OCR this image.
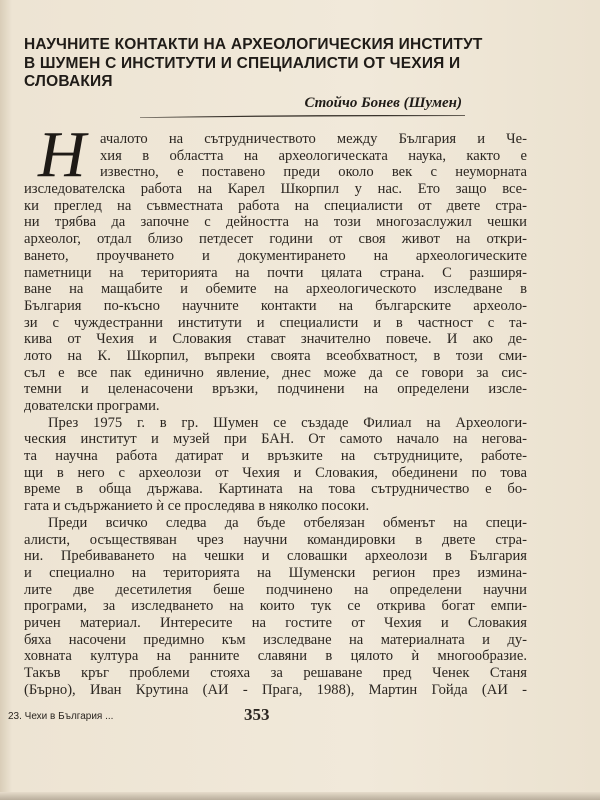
НАУЧНИТЕ КОНТАКТИ НА АРХЕОЛОГИЧЕСКИЯ ИНСТИТУТ
В ШУМЕН С ИНСТИТУТИ И СПЕЦИАЛИСТИ ОТ ЧЕХИЯ И
СЛОВАКИЯ
Стойчо Бонев (Шумен)
Н ачалото на сътрудничеството между България и Че-
хия в областта на археологическата наука, както е
известно, е поставено преди около век с неуморната
изследователска работа на Карел Шкорпил у нас. Ето защо все-
ки преглед на съвместната работа на специалисти от двете стра-
ни трябва да започне с дейността на този многозаслужил чешки
археолог, отдал близо петдесет години от своя живот на откри-
ването, проучването и документирането на археологическите
паметници на територията на почти цялата страна. С разширя-
ване на мащабите и обемите на археологическото изследване в
България по-късно научните контакти на българските археоло-
зи с чуждестранни институти и специалисти и в частност с та-
кива от Чехия и Словакия стават значително повече. И ако де-
лото на К. Шкорпил, въпреки своята всеобхватност, в този сми-
съл е все пак единично явление, днес може да се говори за сис-
темни и целенасочени връзки, подчинени на определени изсле-
дователски програми.
През 1975 г. в гр. Шумен се създаде Филиал на Археологи-
ческия институт и музей при БАН. От самото начало на негова-
та научна работа датират и връзките на сътрудниците, работе-
щи в него с археолози от Чехия и Словакия, обединени по това
време в обща държава. Картината на това сътрудничество е бо-
гата и съдържанието ѝ се проследява в няколко посоки.
Преди всичко следва да бъде отбелязан обменът на специ-
алисти, осъществяван чрез научни командировки в двете стра-
ни. Пребиваването на чешки и словашки археолози в България
и специално на територията на Шуменски регион през измина-
лите две десетилетия беше подчинено на определени научни
програми, за изследването на които тук се открива богат емпи-
ричен материал. Интересите на гостите от Чехия и Словакия
бяха насочени предимно към изследване на материалната и ду-
ховната култура на ранните славяни в цялото ѝ многообразие.
Такъв кръг проблеми стояха за решаване пред Ченек Станя
(Бърно), Иван Крутина (АИ - Прага, 1988), Мартин Гойда (АИ -
23. Чехи в България ...	353
